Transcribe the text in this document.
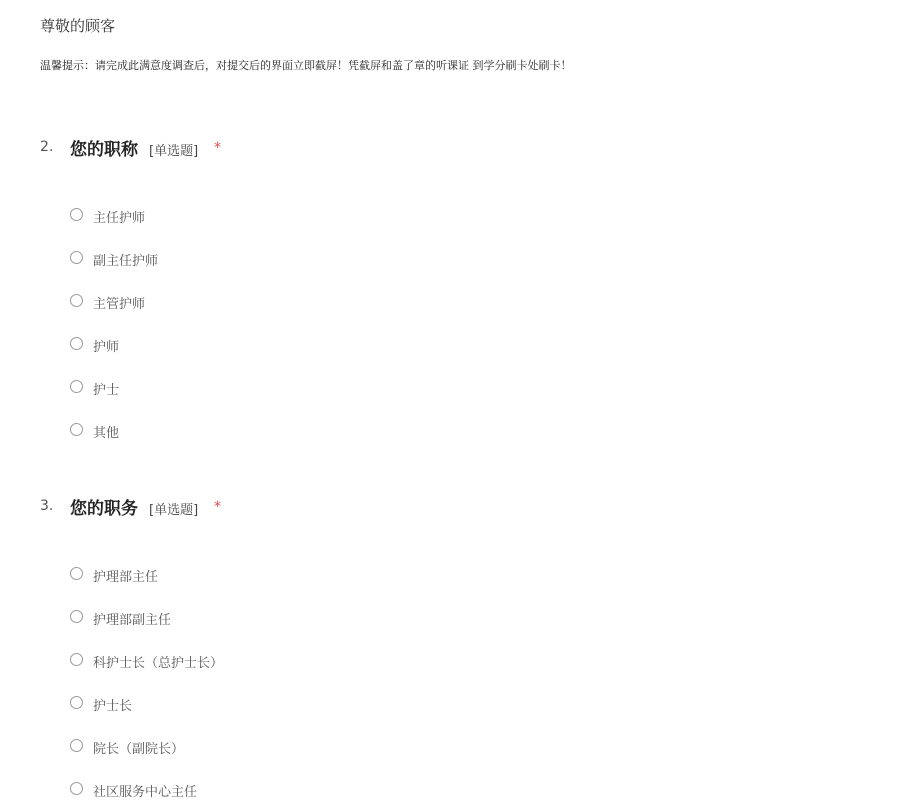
尊敬的顾客
温馨提示：请完成此满意度调查后，对提交后的界面立即截屏！凭截屏和盖了章的听课证 到学分刷卡处刷卡！
2. 您的职称 [单选题] *
主任护师
副主任护师
主管护师
护师
护士
其他
3. 您的职务 [单选题] *
护理部主任
护理部副主任
科护士长（总护士长）
护士长
院长（副院长）
社区服务中心主任
